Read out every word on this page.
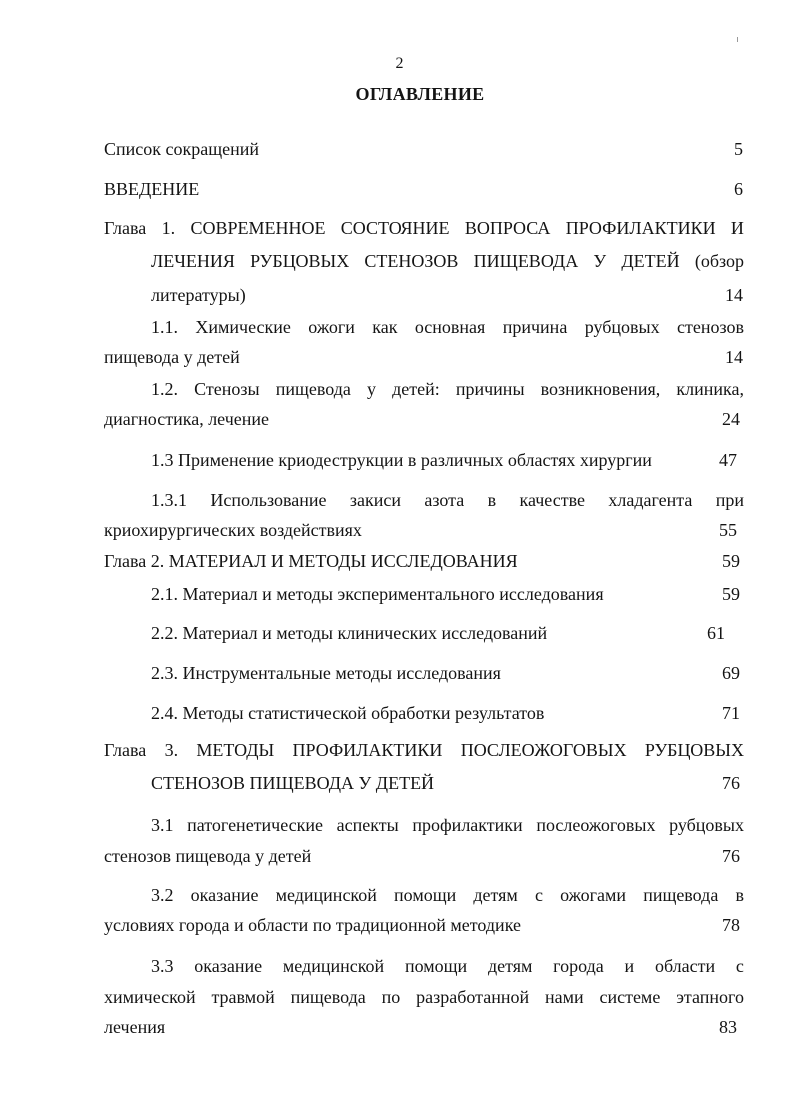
2
ОГЛАВЛЕНИЕ
Список сокращений	5
ВВЕДЕНИЕ	6
Глава 1. СОВРЕМЕННОЕ СОСТОЯНИЕ ВОПРОСА ПРОФИЛАКТИКИ И
ЛЕЧЕНИЯ РУБЦОВЫХ СТЕНОЗОВ ПИЩЕВОДА У ДЕТЕЙ (обзор
литературы)	14
1.1. Химические ожоги как основная причина рубцовых стенозов
пищевода у детей	14
1.2. Стенозы пищевода у детей: причины возникновения, клиника,
диагностика, лечение	24
1.3 Применение криодеструкции в различных областях хирургии	47
1.3.1 Использование закиси азота в качестве хладагента при
криохирургических воздействиях	55
Глава 2. МАТЕРИАЛ И МЕТОДЫ ИССЛЕДОВАНИЯ	59
2.1. Материал и методы экспериментального исследования	59
2.2. Материал и методы клинических исследований	61
2.3. Инструментальные методы исследования	69
2.4. Методы статистической обработки результатов	71
Глава 3. МЕТОДЫ ПРОФИЛАКТИКИ ПОСЛЕОЖОГОВЫХ РУБЦОВЫХ
СТЕНОЗОВ ПИЩЕВОДА У ДЕТЕЙ	76
3.1 патогенетические аспекты профилактики послеожоговых рубцовых
стенозов пищевода у детей	76
3.2 оказание медицинской помощи детям с ожогами пищевода в
условиях города и области по традиционной методике	78
3.3 оказание медицинской помощи детям города и области с
химической травмой пищевода по разработанной нами системе этапного
лечения	83
